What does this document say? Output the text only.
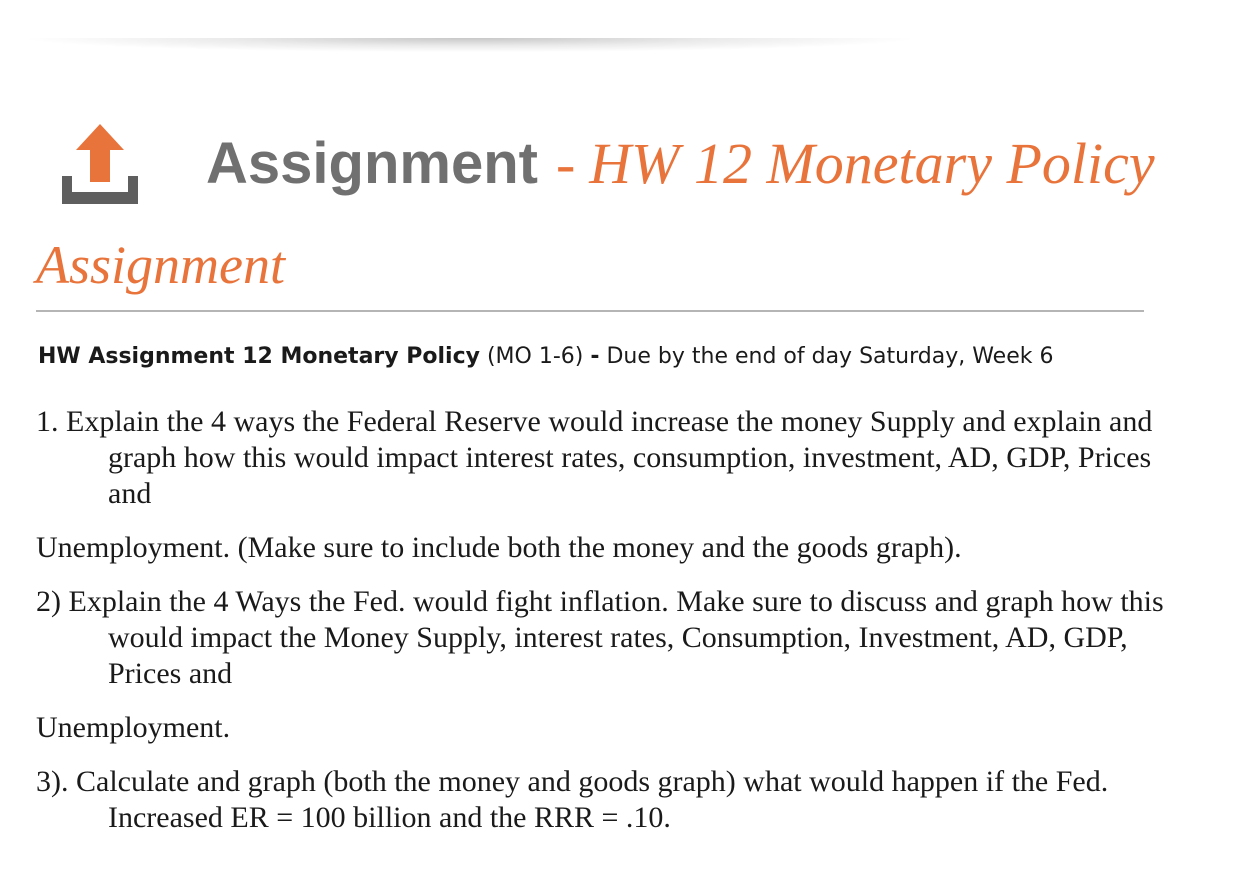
Assignment - HW 12 Monetary Policy
Assignment
HW Assignment 12 Monetary Policy (MO 1-6) - Due by the end of day Saturday, Week 6

1. Explain the 4 ways the Federal Reserve would increase the money Supply and explain and graph how this would impact interest rates, consumption, investment, AD, GDP, Prices and

Unemployment. (Make sure to include both the money and the goods graph).

2) Explain the 4 Ways the Fed. would fight inflation. Make sure to discuss and graph how this would impact the Money Supply, interest rates, Consumption, Investment, AD, GDP, Prices and

Unemployment.

3). Calculate and graph (both the money and goods graph) what would happen if the Fed. Increased ER = 100 billion and the RRR = .10.
